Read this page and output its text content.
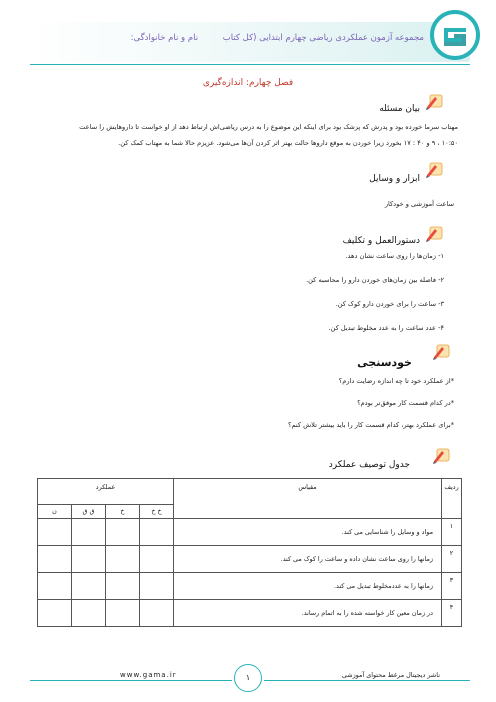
مجموعه آزمون عملکردی ریاضی چهارم ابتدایی (کل کتاب نام و نام خانوادگی:
فصل چهارم: اندازه‌گیری
بیان مسئله
مهتاب سرما خورده بود و پدرش که پزشک بود برای اینکه این موضوع را به درس ریاضی‌اش ارتباط دهد از او خواست تا داروهایش را ساعت
۱۰:۵۰ ، ۹ و ۴۰ : ۱۷ بخورد زیرا خوردن به موقع داروها حالت بهتر اثر کردن آن‌ها می‌شود. عزیزم حالا شما به مهتاب کمک کن.
ابزار و وسایل
ساعت آموزشی و خودکار
دستورالعمل و تکلیف
۱- زمان‌ها را روی ساعت نشان دهد.
۲- فاصله بین زمان‌های خوردن دارو را محاسبه کن.
۳- ساعت را برای خوردن دارو کوک کن.
۴- عدد ساعت را به عدد مخلوط تبدیل کن.
خودسنجی
*از عملکرد خود تا چه اندازه رضایت دارم؟
*در کدام قسمت کار موفق‌تر بودم؟
*برای عملکرد بهتر، کدام قسمت کار را باید بیشتر تلاش کنم؟
جدول توصیف عملکرد
ردیف	مقیاس	عملکرد			
		خ خ	خ	ق ق	ن
۱	مواد و وسایل را شناسایی می کند.				
۲	زمانها را روی ساعت نشان داده و ساعت را کوک می کند.				
۳	زمانها را به عددمخلوط تبدیل می کند.				
۴	در زمان معین کار خواسته شده را به اتمام رساند.				
www.gama.ir	۱	ناشر دیجیتال مرغط محتوای آموزشی
